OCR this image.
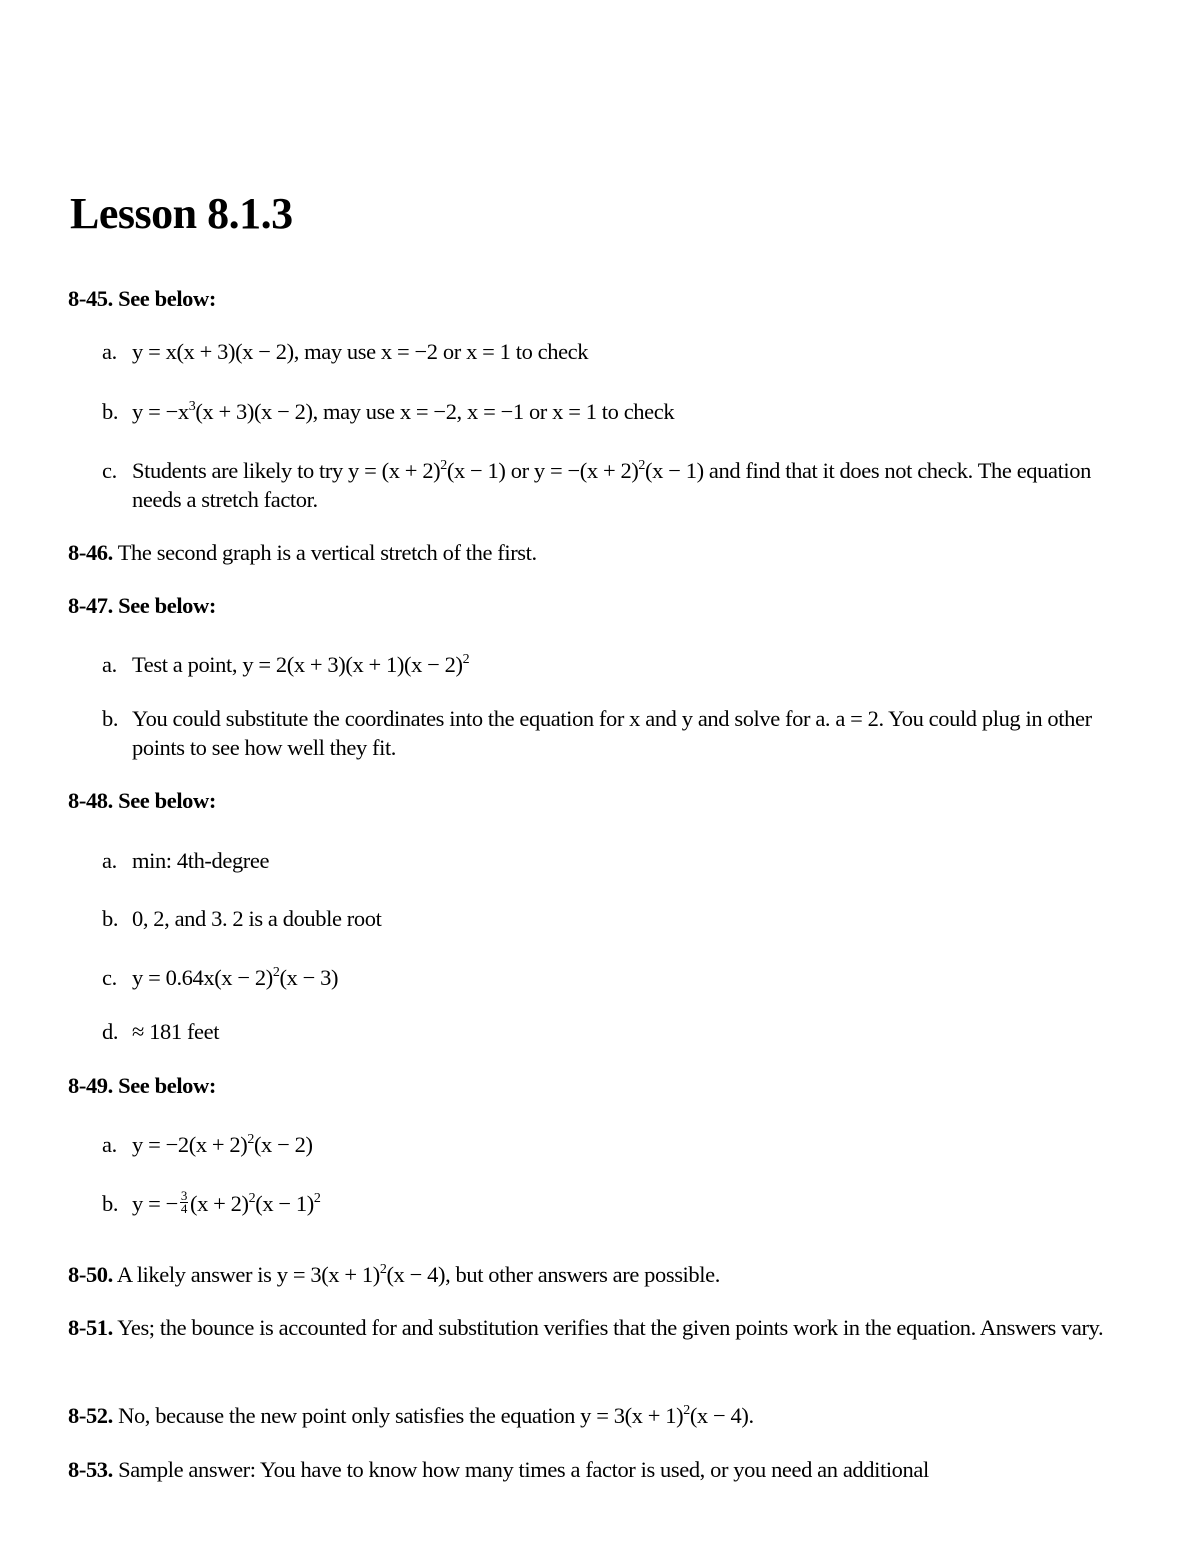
Lesson 8.1.3
8-45. See below:
a. y = x(x + 3)(x − 2), may use x = −2 or x = 1 to check
b. $y = -x^3(x + 3)(x - 2)$, may use x = −2, x = −1 or x = 1 to check
c. Students are likely to try $y = (x + 2)^2(x - 1)$ or $y = -(x + 2)^2(x - 1)$ and find that it does not check. The equation needs a stretch factor.
8-46. The second graph is a vertical stretch of the first.
8-47. See below:
a. Test a point, $y = 2(x + 3)(x + 1)(x - 2)^2$
b. You could substitute the coordinates into the equation for x and y and solve for a. a = 2. You could plug in other points to see how well they fit.
8-48. See below:
a. min: 4th-degree
b. 0, 2, and 3. 2 is a double root
c. $y = 0.64x(x - 2)^2(x - 3)$
d. ≈ 181 feet
8-49. See below:
a. $y = -2(x + 2)^2(x - 2)$
b. y = − $\frac{3}{4} (x + 2)^2(x - 1)^2$
8-50. A likely answer is $y = 3(x + 1)^2(x - 4)$, but other answers are possible.
8-51. Yes; the bounce is accounted for and substitution verifies that the given points work in the equation. Answers vary.
8-52. No, because the new point only satisfies the equation $y = 3(x + 1)^2(x - 4)$.
8-53. Sample answer: You have to know how many times a factor is used, or you need an additional
